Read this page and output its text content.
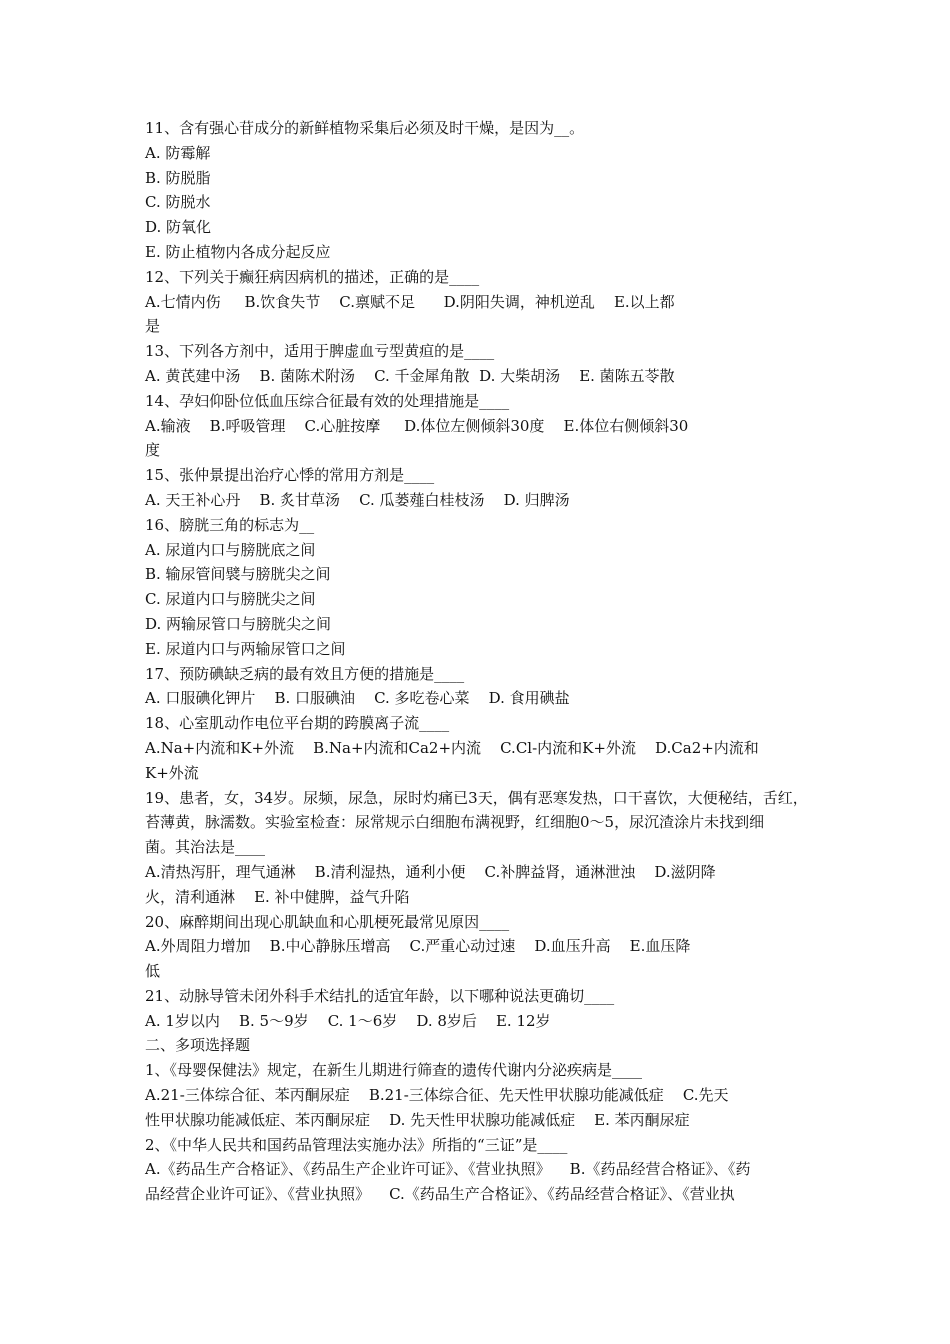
11、含有强心苷成分的新鲜植物采集后必须及时干燥，是因为__。
A. 防霉解
B. 防脱脂
C. 防脱水
D. 防氧化
E. 防止植物内各成分起反应
12、下列关于癫狂病因病机的描述，正确的是____
A.七情内伤     B.饮食失节    C.禀赋不足      D.阴阳失调，神机逆乱    E.以上都
是
13、下列各方剂中，适用于脾虚血亏型黄疸的是____
A. 黄芪建中汤    B. 菌陈术附汤    C. 千金犀角散  D. 大柴胡汤    E. 菌陈五苓散
14、孕妇仰卧位低血压综合征最有效的处理措施是____
A.输液    B.呼吸管理    C.心脏按摩     D.体位左侧倾斜30度    E.体位右侧倾斜30
度
15、张仲景提出治疗心悸的常用方剂是____
A. 天王补心丹    B. 炙甘草汤    C. 瓜蒌薤白桂枝汤    D. 归脾汤
16、膀胱三角的标志为__
A. 尿道内口与膀胱底之间
B. 输尿管间襞与膀胱尖之间
C. 尿道内口与膀胱尖之间
D. 两输尿管口与膀胱尖之间
E. 尿道内口与两输尿管口之间
17、预防碘缺乏病的最有效且方便的措施是____
A. 口服碘化钾片    B. 口服碘油    C. 多吃卷心菜    D. 食用碘盐
18、心室肌动作电位平台期的跨膜离子流____
A.Na+内流和K+外流    B.Na+内流和Ca2+内流    C.Cl-内流和K+外流    D.Ca2+内流和
K+外流
19、患者，女，34岁。尿频，尿急，尿时灼痛已3天，偶有恶寒发热，口干喜饮，大便秘结，舌红，
苔薄黄，脉濡数。实验室检查：尿常规示白细胞布满视野，红细胞0～5，尿沉渣涂片未找到细
菌。其治法是____
A.清热泻肝，理气通淋    B.清利湿热，通利小便    C.补脾益肾，通淋泄浊    D.滋阴降
火，清利通淋    E. 补中健脾，益气升陷
20、麻醉期间出现心肌缺血和心肌梗死最常见原因____
A.外周阻力增加    B.中心静脉压增高    C.严重心动过速    D.血压升高    E.血压降
低
21、动脉导管未闭外科手术结扎的适宜年龄，以下哪种说法更确切____
A. 1岁以内    B. 5～9岁    C. 1～6岁    D. 8岁后    E. 12岁
二、多项选择题
1、《母婴保健法》规定，在新生儿期进行筛查的遗传代谢内分泌疾病是____
A.21-三体综合征、苯丙酮尿症    B.21-三体综合征、先天性甲状腺功能减低症    C.先天
性甲状腺功能减低症、苯丙酮尿症    D. 先天性甲状腺功能减低症    E. 苯丙酮尿症
2、《中华人民共和国药品管理法实施办法》所指的“三证”是____
A.《药品生产合格证》、《药品生产企业许可证》、《营业执照》    B.《药品经营合格证》、《药
品经营企业许可证》、《营业执照》    C.《药品生产合格证》、《药品经营合格证》、《营业执
